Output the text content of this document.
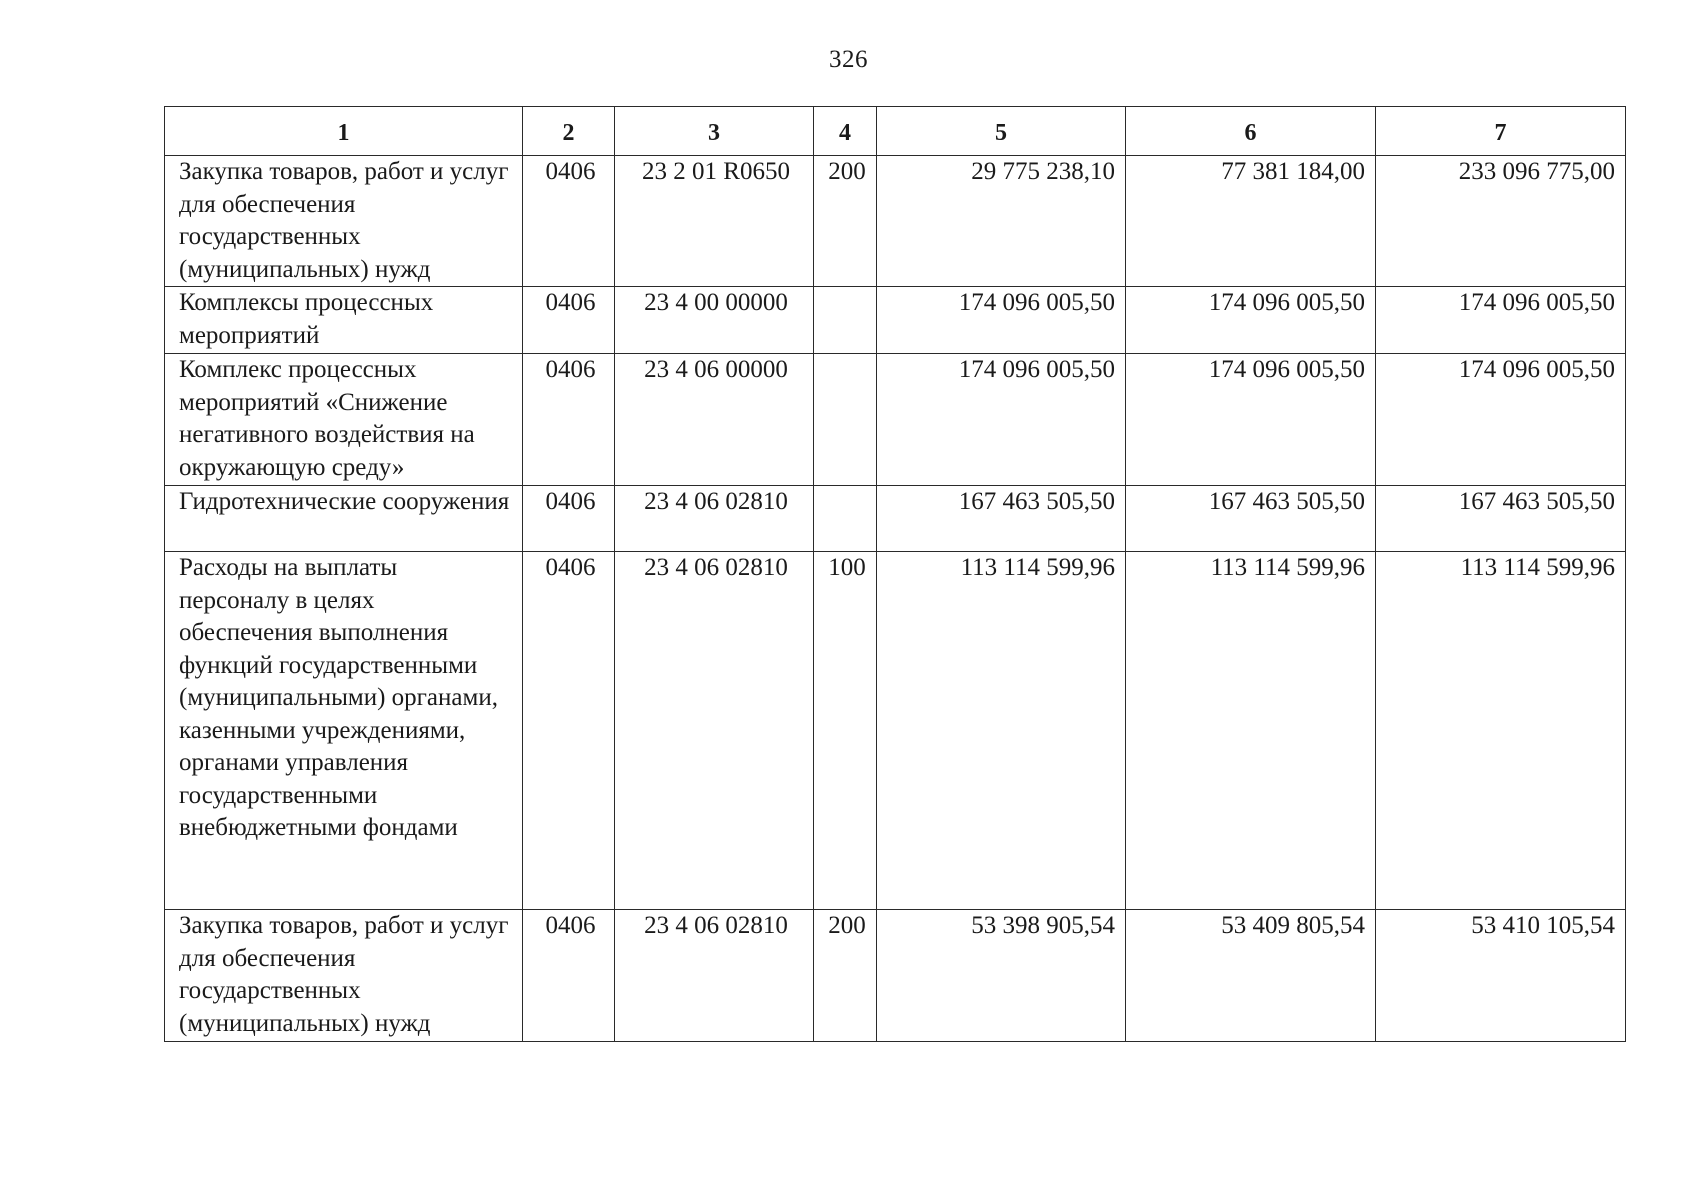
326
1	2	3	4	5	6	7
Закупка товаров, работ и услуг для обеспечения государственных (муниципальных) нужд	0406	23 2 01 R0650	200	29 775 238,10	77 381 184,00	233 096 775,00
Комплексы процессных мероприятий	0406	23 4 00 00000		174 096 005,50	174 096 005,50	174 096 005,50
Комплекс процессных мероприятий «Снижение негативного воздействия на окружающую среду»	0406	23 4 06 00000		174 096 005,50	174 096 005,50	174 096 005,50
Гидротехнические сооружения	0406	23 4 06 02810		167 463 505,50	167 463 505,50	167 463 505,50
Расходы на выплаты персоналу в целях обеспечения выполнения функций государственными (муниципальными) органами, казенными учреждениями, органами управления государственными внебюджетными фондами	0406	23 4 06 02810	100	113 114 599,96	113 114 599,96	113 114 599,96
Закупка товаров, работ и услуг для обеспечения государственных (муниципальных) нужд	0406	23 4 06 02810	200	53 398 905,54	53 409 805,54	53 410 105,54
